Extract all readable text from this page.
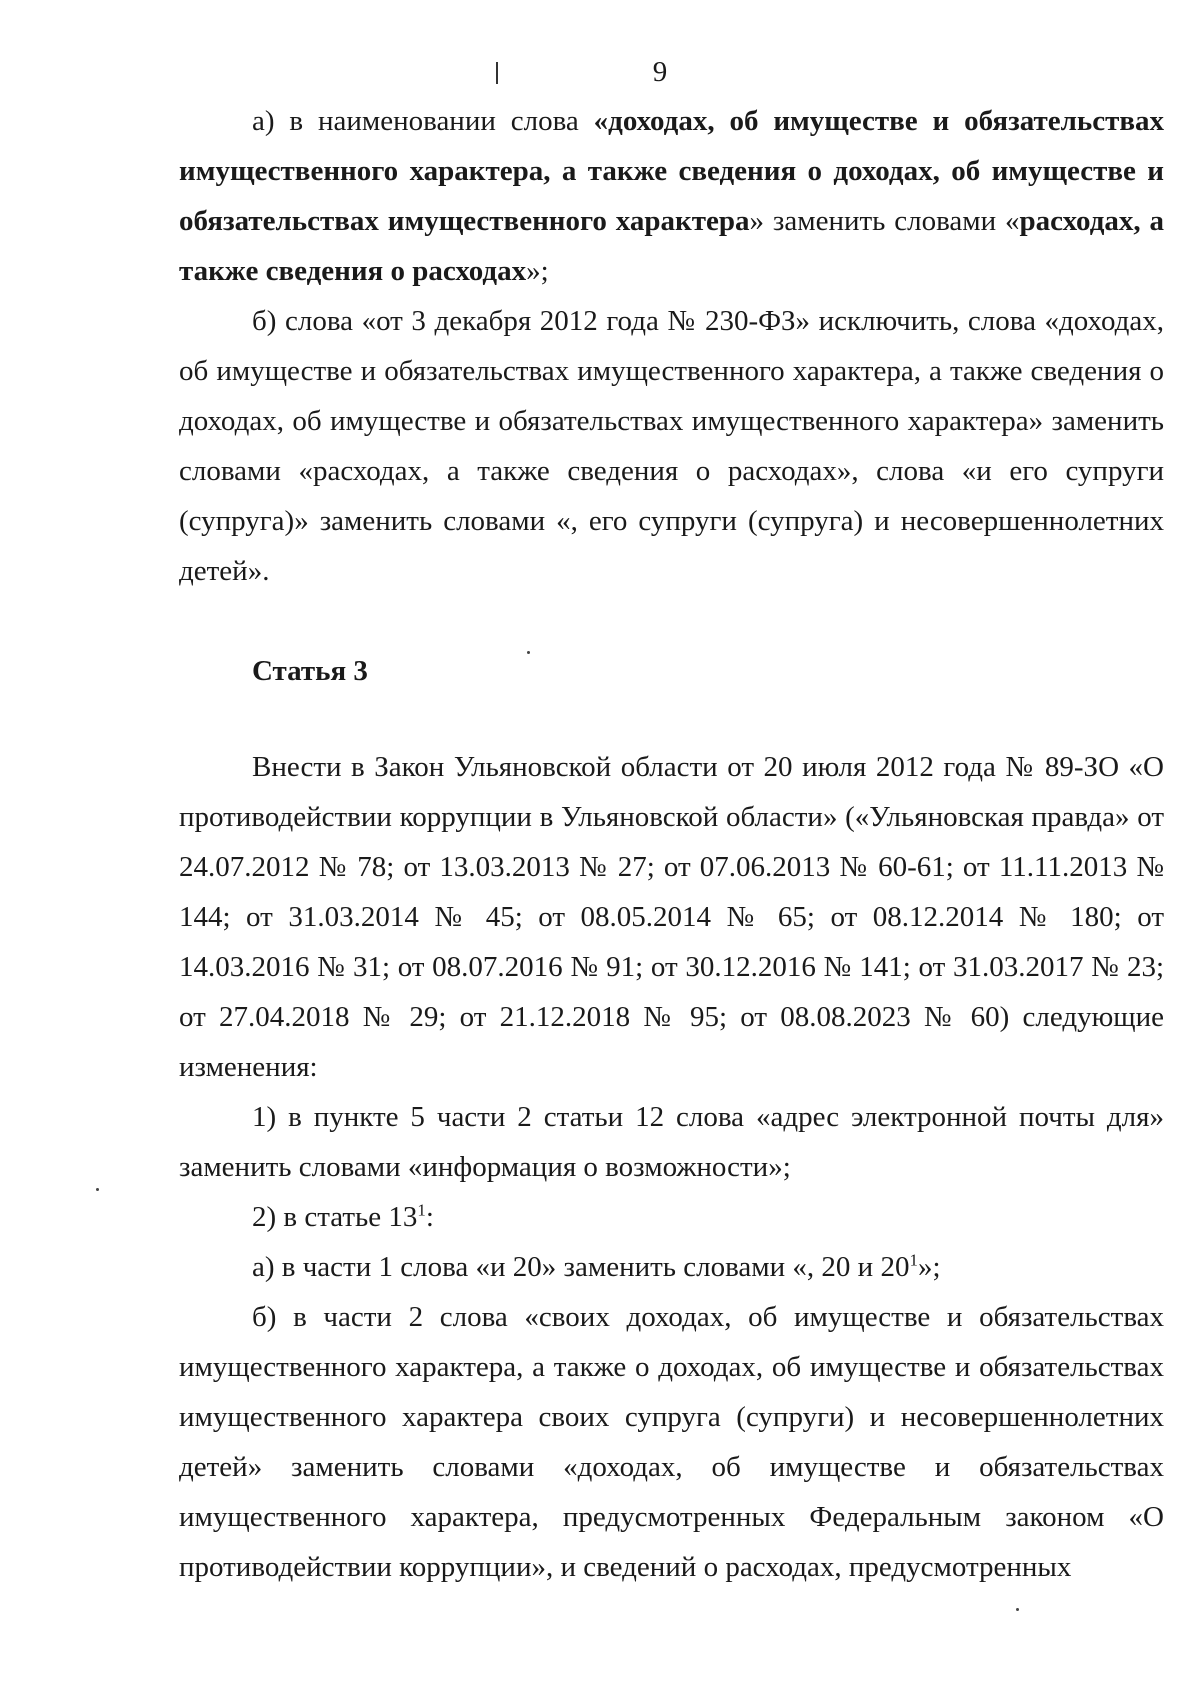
9

а) в наименовании слова «доходах, об имуществе и обязательствах имущественного характера, а также сведения о доходах, об имуществе и обязательствах имущественного характера» заменить словами «расходах, а также сведения о расходах»;

б) слова «от 3 декабря 2012 года № 230-ФЗ» исключить, слова «доходах, об имуществе и обязательствах имущественного характера, а также сведения о доходах, об имуществе и обязательствах имущественного характера» заменить словами «расходах, а также сведения о расходах», слова «и его супруги (супруга)» заменить словами «, его супруги (супруга) и несовершеннолетних детей».

Статья 3

Внести в Закон Ульяновской области от 20 июля 2012 года № 89-ЗО «О противодействии коррупции в Ульяновской области» («Ульяновская правда» от 24.07.2012 № 78; от 13.03.2013 № 27; от 07.06.2013 № 60-61; от 11.11.2013 № 144; от 31.03.2014 № 45; от 08.05.2014 № 65; от 08.12.2014 № 180; от 14.03.2016 № 31; от 08.07.2016 № 91; от 30.12.2016 № 141; от 31.03.2017 № 23; от 27.04.2018 № 29; от 21.12.2018 № 95; от 08.08.2023 № 60) следующие изменения:

1) в пункте 5 части 2 статьи 12 слова «адрес электронной почты для» заменить словами «информация о возможности»;

2) в статье $13^1$:

а) в части 1 слова «и 20» заменить словами «, 20 и $20^1$»;

б) в части 2 слова «своих доходах, об имуществе и обязательствах имущественного характера, а также о доходах, об имуществе и обязательствах имущественного характера своих супруга (супруги) и несовершеннолетних детей» заменить словами «доходах, об имуществе и обязательствах имущественного характера, предусмотренных Федеральным законом «О противодействии коррупции», и сведений о расходах, предусмотренных
